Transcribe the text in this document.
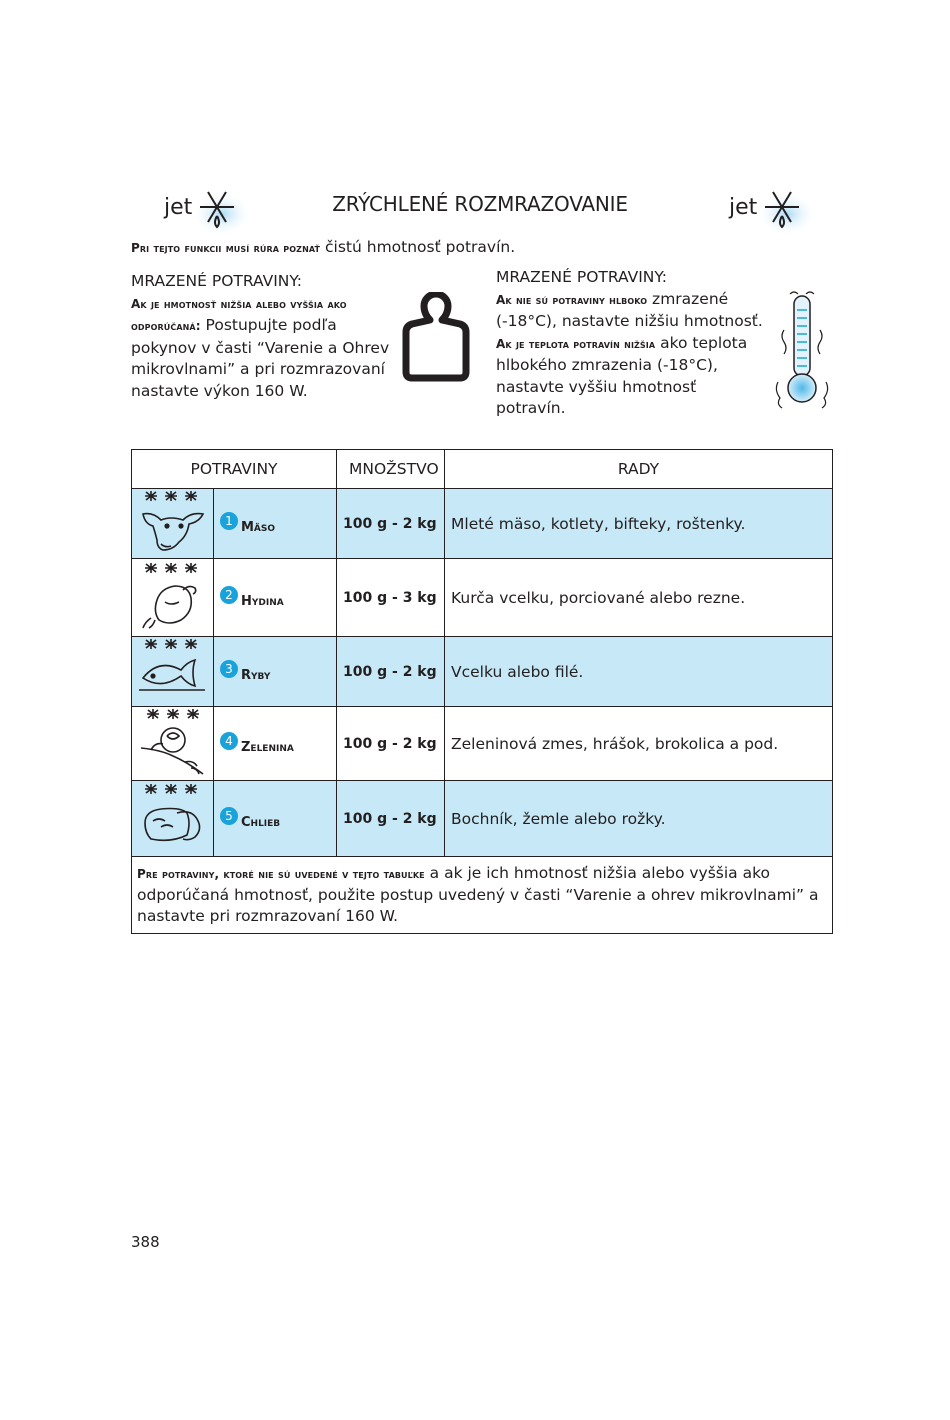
jet	jet
ZRÝCHLENÉ ROZMRAZOVANIE
Pri tejto funkcii musí rúra poznať čistú hmotnosť potravín.
MRAZENÉ POTRAVINY:
Ak je hmotnosť nižšia alebo vyššia ako odporúčaná: Postupujte podľa pokynov v časti “Varenie a Ohrev mikrovlnami” a pri rozmrazovaní nastavte výkon 160 W.
MRAZENÉ POTRAVINY:
Ak nie sú potraviny hlboko zmrazené (-18°C), nastavte nižšiu hmotnosť.
Ak je teplota potravín nižšia ako teplota hlbokého zmrazenia (-18°C), nastavte vyššiu hmotnosť potravín.
POTRAVINY		MNOŽSTVO	RADY
	1 Mäso	100 g - 2 kg	Mleté mäso, kotlety, bifteky, roštenky.
	2 Hydina	100 g - 3 kg	Kurča vcelku, porciované alebo rezne.
	3 Ryby	100 g - 2 kg	Vcelku alebo filé.
	4 Zelenina	100 g - 2 kg	Zeleninová zmes, hrášok, brokolica a pod.
	5 Chlieb	100 g - 2 kg	Bochník, žemle alebo rožky.
Pre potraviny, ktoré nie sú uvedené v tejto tabuľke a ak je ich hmotnosť nižšia alebo vyššia ako odporúčaná hmotnosť, použite postup uvedený v časti “Varenie a ohrev mikrovlnami” a nastavte pri rozmrazovaní 160 W.			
388
